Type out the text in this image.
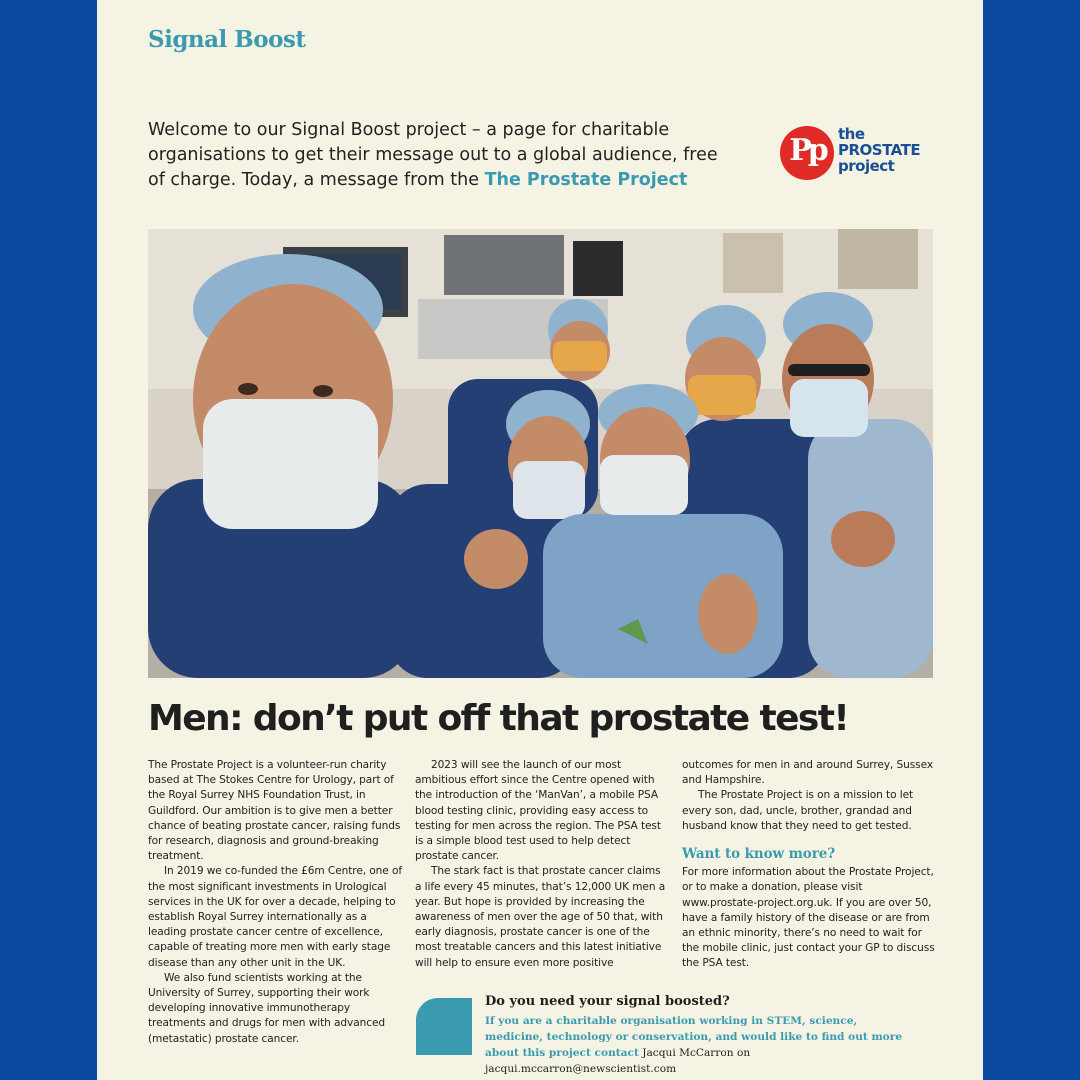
Signal Boost
Welcome to our Signal Boost project – a page for charitable organisations to get their message out to a global audience, free of charge. Today, a message from the The Prostate Project
Pp the
PROSTATE
project
Men: don’t put off that prostate test!

The Prostate Project is a volunteer-run charity based at The Stokes Centre for Urology, part of the Royal Surrey NHS Foundation Trust, in Guildford. Our ambition is to give men a better chance of beating prostate cancer, raising funds for research, diagnosis and ground-breaking treatment.

In 2019 we co-funded the £6m Centre, one of the most significant investments in Urological services in the UK for over a decade, helping to establish Royal Surrey internationally as a leading prostate cancer centre of excellence, capable of treating more men with early stage disease than any other unit in the UK.

We also fund scientists working at the University of Surrey, supporting their work developing innovative immunotherapy treatments and drugs for men with advanced (metastatic) prostate cancer.

2023 will see the launch of our most ambitious effort since the Centre opened with the introduction of the ‘ManVan’, a mobile PSA blood testing clinic, providing easy access to testing for men across the region. The PSA test is a simple blood test used to help detect prostate cancer.

The stark fact is that prostate cancer claims a life every 45 minutes, that’s 12,000 UK men a year. But hope is provided by increasing the awareness of men over the age of 50 that, with early diagnosis, prostate cancer is one of the most treatable cancers and this latest initiative will help to ensure even more positive

outcomes for men in and around Surrey, Sussex and Hampshire.

The Prostate Project is on a mission to let every son, dad, uncle, brother, grandad and husband know that they need to get tested.

Want to know more?

For more information about the Prostate Project, or to make a donation, please visit www.prostate-project.org.uk. If you are over 50, have a family history of the disease or are from an ethnic minority, there’s no need to wait for the mobile clinic, just contact your GP to discuss the PSA test.

Do you need your signal boosted?
If you are a charitable organisation working in STEM, science, medicine, technology or conservation, and would like to find out more about this project contact Jacqui McCarron on jacqui.mccarron@newscientist.com
